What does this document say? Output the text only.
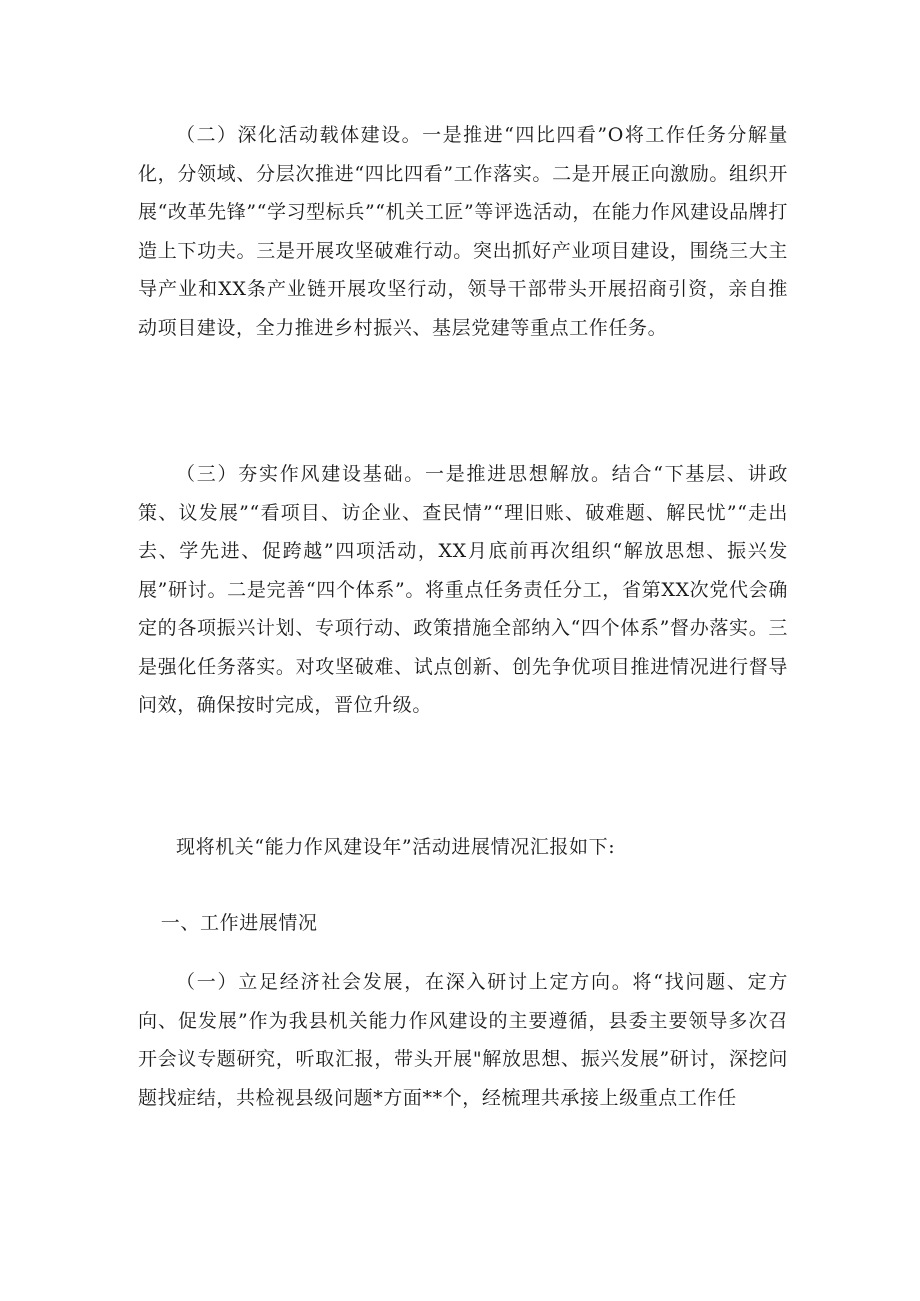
（二）深化活动载体建设。一是推进“四比四看”O将工作任务分解量化，分领域、分层次推进“四比四看”工作落实。二是开展正向激励。组织开展“改革先锋”“学习型标兵”“机关工匠”等评选活动，在能力作风建设品牌打造上下功夫。三是开展攻坚破难行动。突出抓好产业项目建设，围绕三大主导产业和XX条产业链开展攻坚行动，领导干部带头开展招商引资，亲自推动项目建设，全力推进乡村振兴、基层党建等重点工作任务。

（三）夯实作风建设基础。一是推进思想解放。结合“下基层、讲政策、议发展”“看项目、访企业、查民情”“理旧账、破难题、解民忧”“走出去、学先进、促跨越”四项活动，XX月底前再次组织“解放思想、振兴发展”研讨。二是完善“四个体系”。将重点任务责任分工，省第XX次党代会确定的各项振兴计划、专项行动、政策措施全部纳入“四个体系”督办落实。三是强化任务落实。对攻坚破难、试点创新、创先争优项目推进情况进行督导问效，确保按时完成，晋位升级。

现将机关“能力作风建设年”活动进展情况汇报如下:

一、工作进展情况

（一）立足经济社会发展，在深入研讨上定方向。将“找问题、定方向、促发展”作为我县机关能力作风建设的主要遵循，县委主要领导多次召开会议专题研究，听取汇报，带头开展"解放思想、振兴发展”研讨，深挖问题找症结，共检视县级问题*方面**个，经梳理共承接上级重点工作任
